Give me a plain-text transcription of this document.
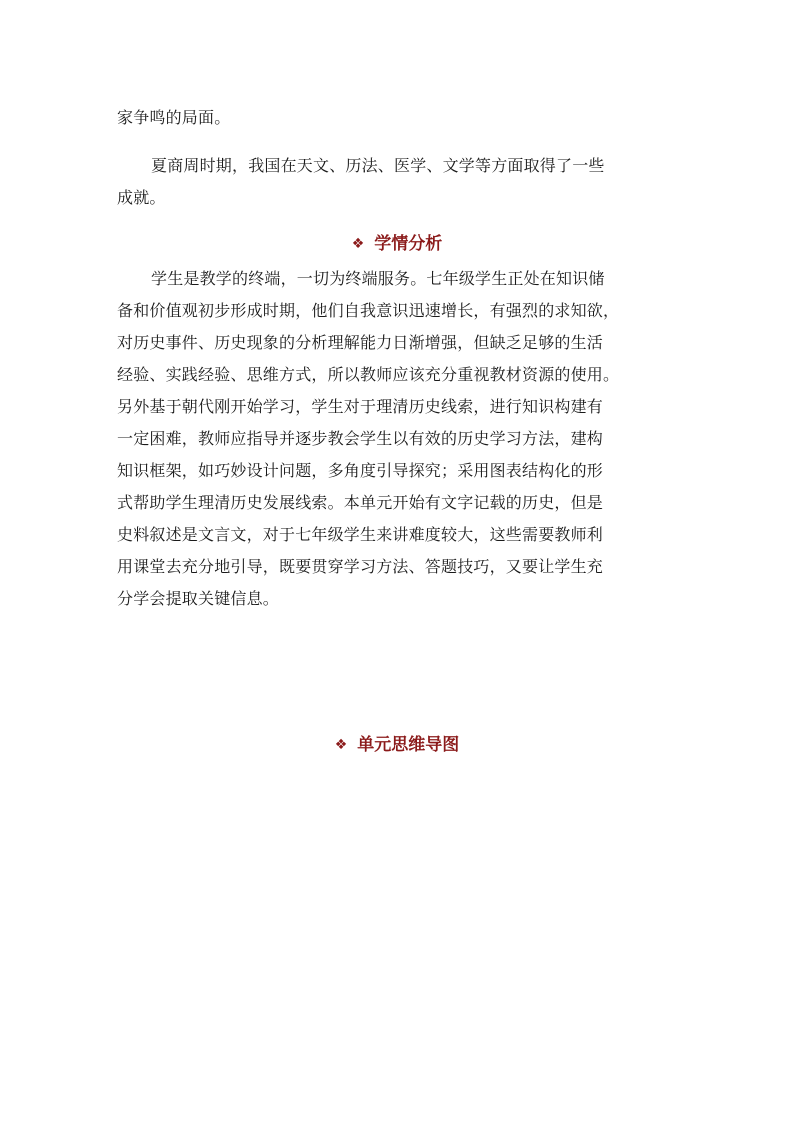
家争鸣的局面。
夏商周时期，我国在天文、历法、医学、文学等方面取得了一些
成就。
❖ 学情分析
学生是教学的终端，一切为终端服务。七年级学生正处在知识储
备和价值观初步形成时期，他们自我意识迅速增长，有强烈的求知欲，
对历史事件、历史现象的分析理解能力日渐增强，但缺乏足够的生活
经验、实践经验、思维方式，所以教师应该充分重视教材资源的使用。
另外基于朝代刚开始学习，学生对于理清历史线索，进行知识构建有
一定困难，教师应指导并逐步教会学生以有效的历史学习方法，建构
知识框架，如巧妙设计问题，多角度引导探究；采用图表结构化的形
式帮助学生理清历史发展线索。本单元开始有文字记载的历史，但是
史料叙述是文言文，对于七年级学生来讲难度较大，这些需要教师利
用课堂去充分地引导，既要贯穿学习方法、答题技巧，又要让学生充
分学会提取关键信息。
❖ 单元思维导图
